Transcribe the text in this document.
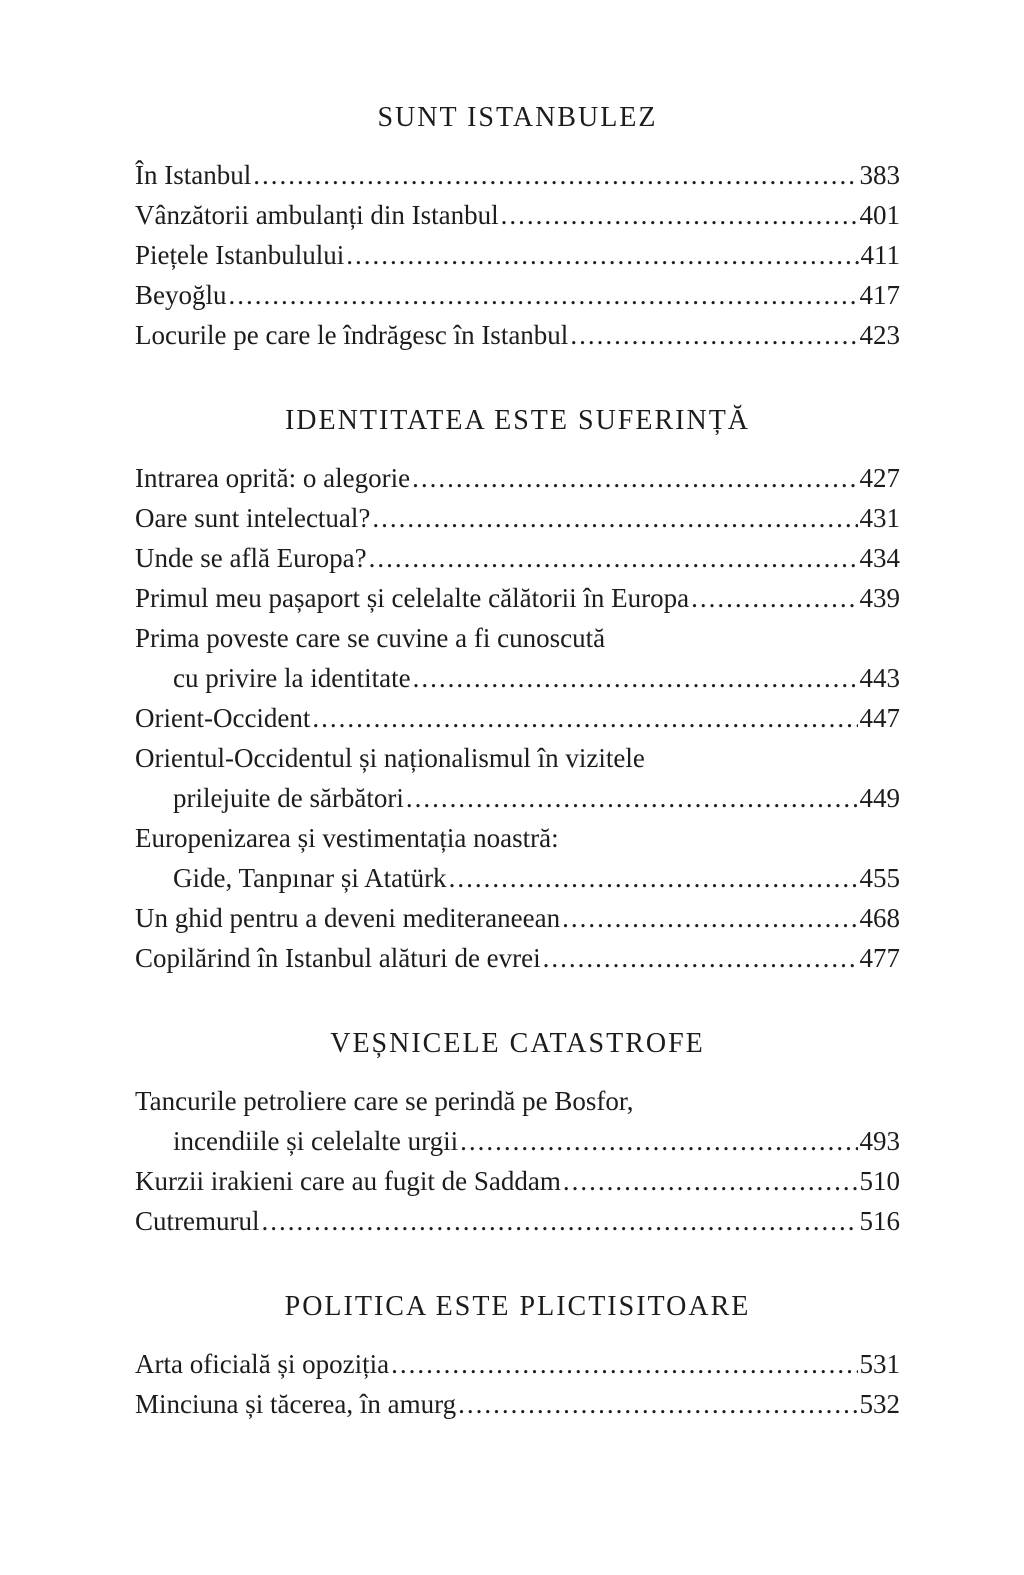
SUNT ISTANBULEZ
În Istanbul .....	383
Vânzătorii ambulanți din Istanbul .....	401
Piețele Istanbulului .....	411
Beyoğlu .....	417
Locurile pe care le îndrăgesc în Istanbul .....	423
IDENTITATEA ESTE SUFERINȚĂ
Intrarea oprită: o alegorie .....	427
Oare sunt intelectual? .....	431
Unde se află Europa? .....	434
Primul meu pașaport și celelalte călătorii în Europa .....	439
Prima poveste care se cuvine a fi cunoscută
cu privire la identitate .....	443
Orient-Occident .....	447
Orientul-Occidentul și naționalismul în vizitele
prilejuite de sărbători .....	449
Europenizarea și vestimentația noastră:
Gide, Tanpınar și Atatürk .....	455
Un ghid pentru a deveni mediteraneean .....	468
Copilărind în Istanbul alături de evrei .....	477
VEȘNICELE CATASTROFE
Tancurile petroliere care se perindă pe Bosfor,
incendiile și celelalte urgii .....	493
Kurzii irakieni care au fugit de Saddam .....	510
Cutremurul .....	516
POLITICA ESTE PLICTISITOARE
Arta oficială și opoziția .....	531
Minciuna și tăcerea, în amurg .....	532
